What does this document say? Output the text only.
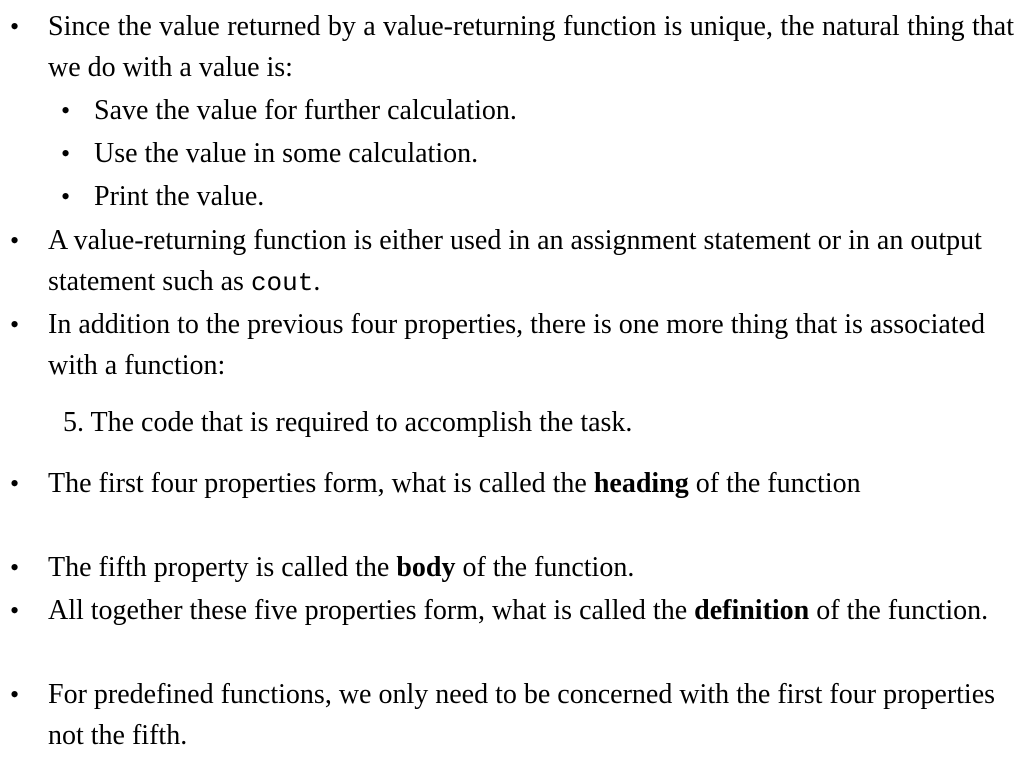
• Since the value returned by a value-returning function is unique, the natural thing that we do with a value is:
• Save the value for further calculation.
• Use the value in some calculation.
• Print the value.
• A value-returning function is either used in an assignment statement or in an output statement such as cout.
• In addition to the previous four properties, there is one more thing that is associated with a function:
5. The code that is required to accomplish the task.
• The first four properties form, what is called the heading of the function
• The fifth property is called the body of the function.
• All together these five properties form, what is called the definition of the function.
• For predefined functions, we only need to be concerned with the first four properties not the fifth.
